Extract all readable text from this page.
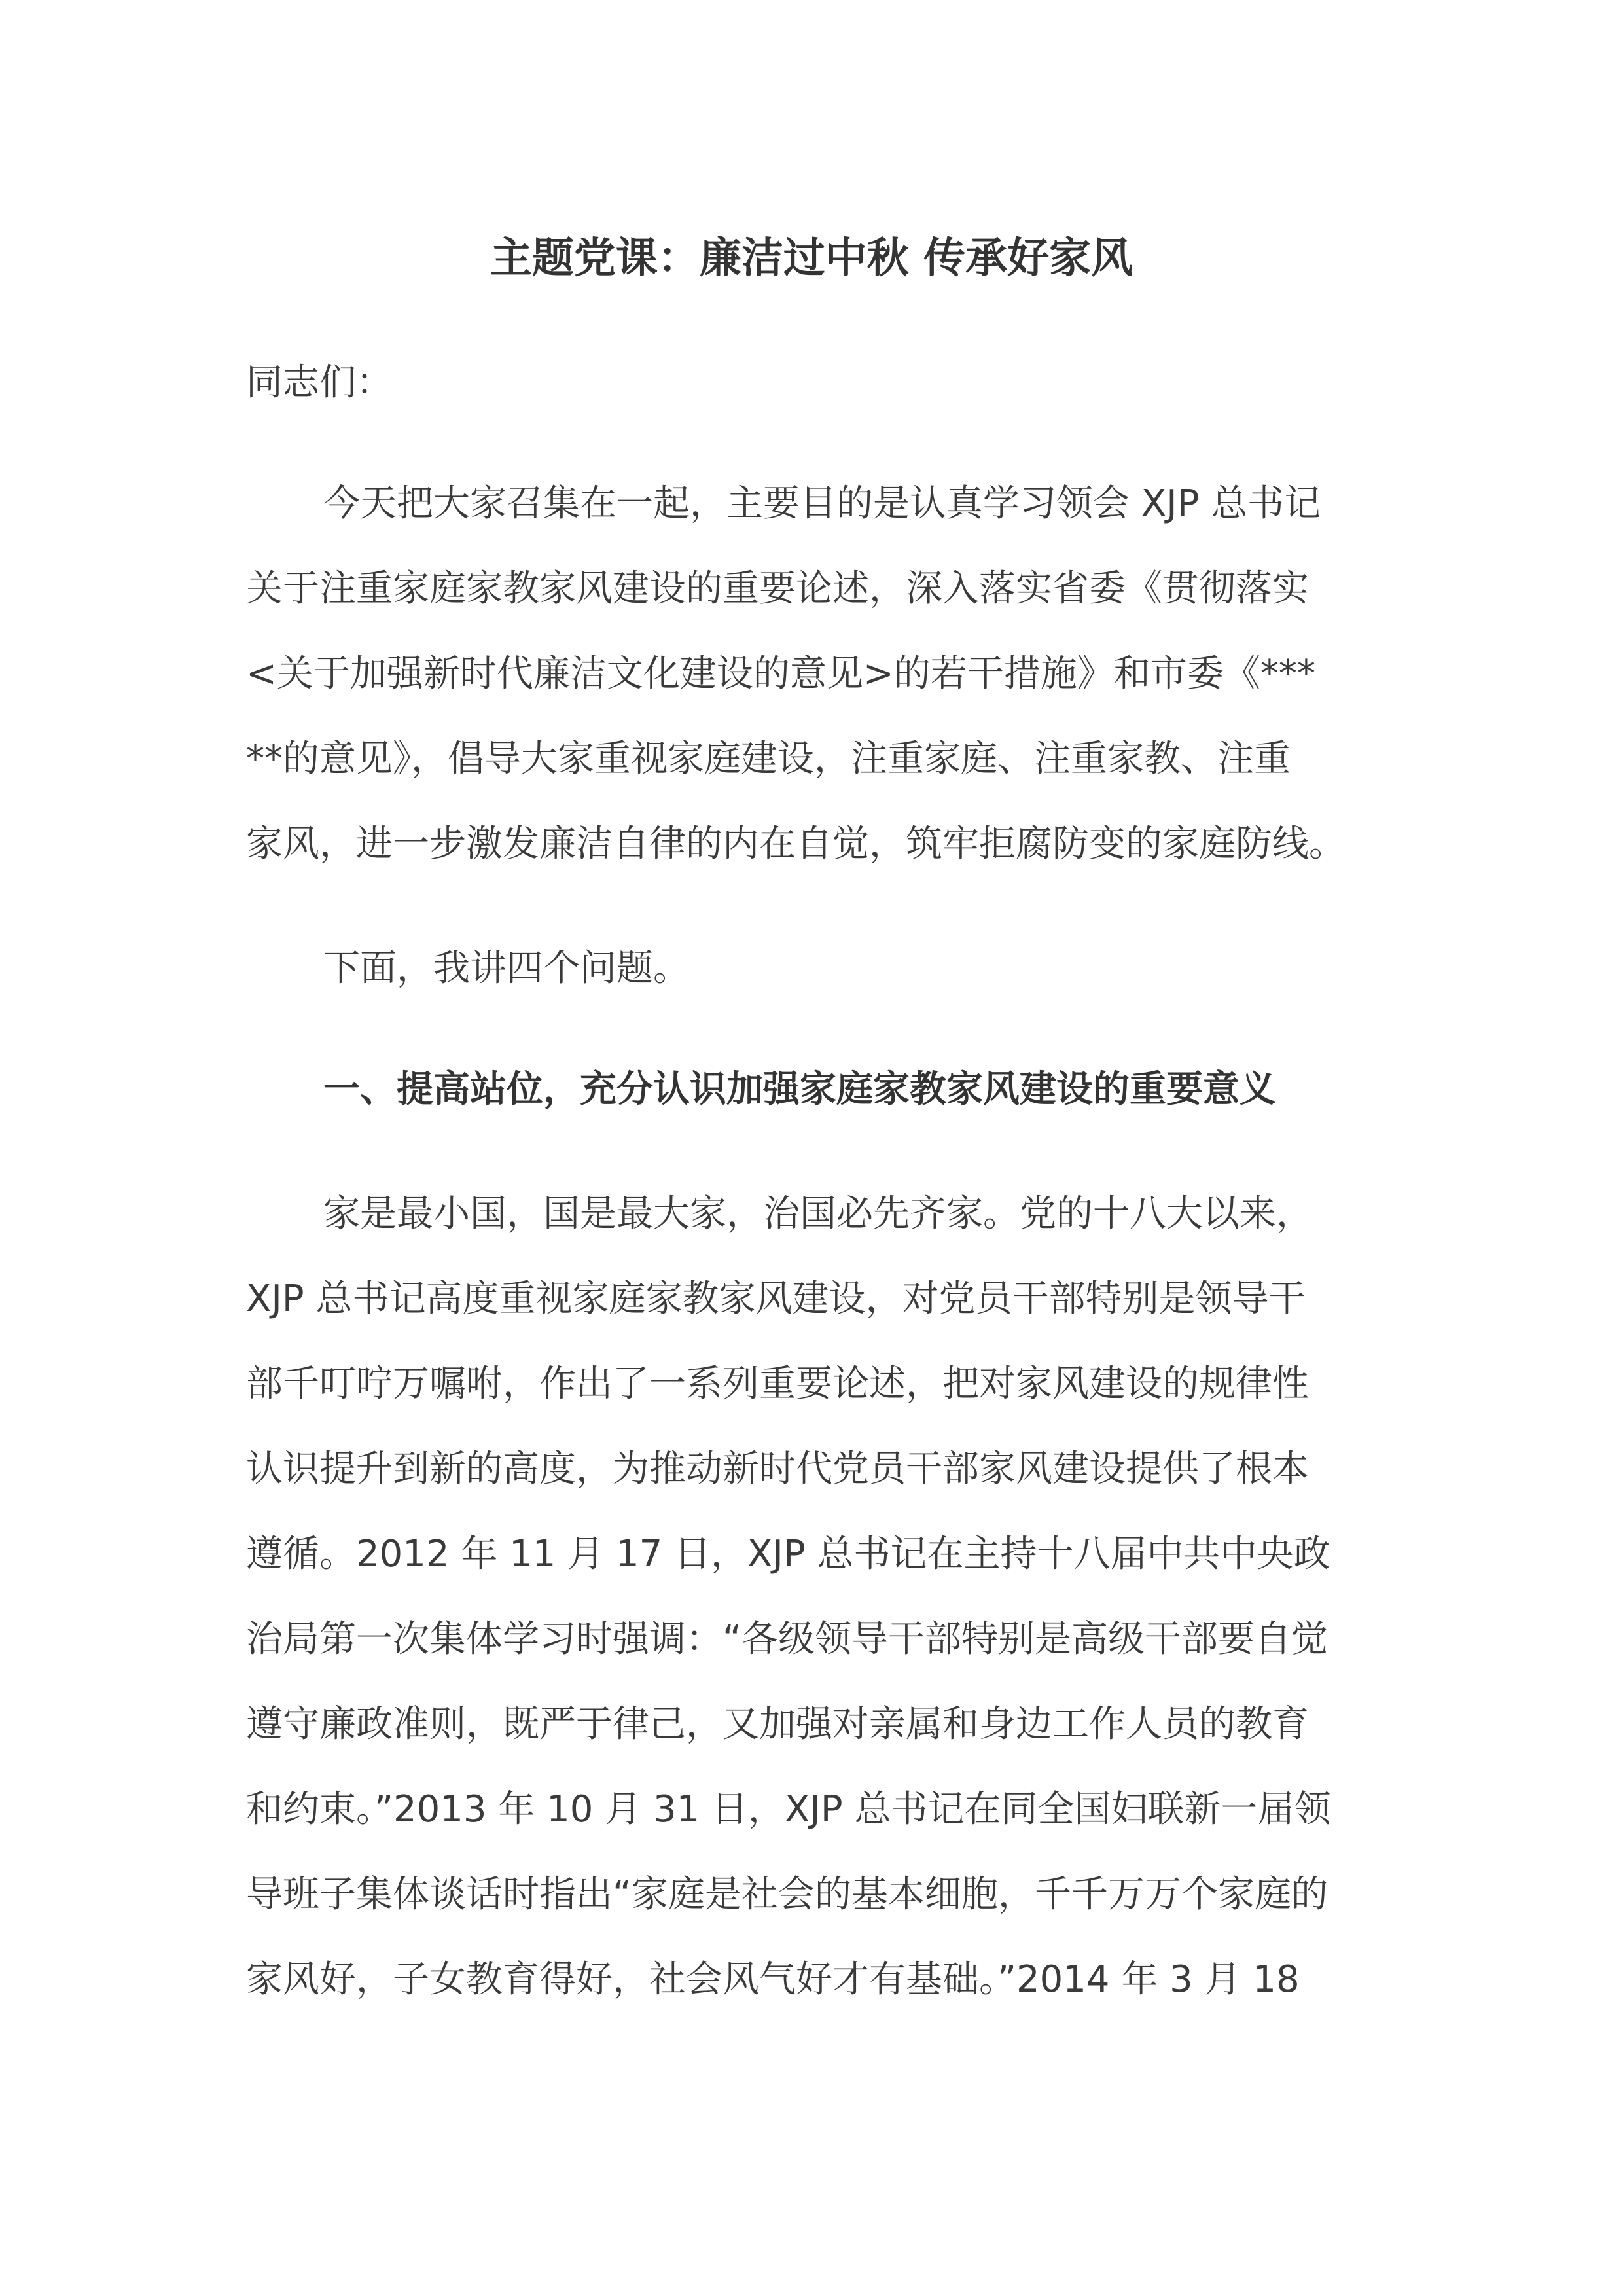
主题党课：廉洁过中秋 传承好家风
同志们：
今天把大家召集在一起，主要目的是认真学习领会 XJP 总书记
关于注重家庭家教家风建设的重要论述，深入落实省委《贯彻落实
<关于加强新时代廉洁文化建设的意见>的若干措施》和市委《***
**的意见》，倡导大家重视家庭建设，注重家庭、注重家教、注重
家风，进一步激发廉洁自律的内在自觉，筑牢拒腐防变的家庭防线。
下面，我讲四个问题。
一、提高站位，充分认识加强家庭家教家风建设的重要意义
家是最小国，国是最大家，治国必先齐家。党的十八大以来，
XJP 总书记高度重视家庭家教家风建设，对党员干部特别是领导干
部千叮咛万嘱咐，作出了一系列重要论述，把对家风建设的规律性
认识提升到新的高度，为推动新时代党员干部家风建设提供了根本
遵循。2012 年 11 月 17 日，XJP 总书记在主持十八届中共中央政
治局第一次集体学习时强调：“各级领导干部特别是高级干部要自觉
遵守廉政准则，既严于律己，又加强对亲属和身边工作人员的教育
和约束。”2013 年 10 月 31 日，XJP 总书记在同全国妇联新一届领
导班子集体谈话时指出“家庭是社会的基本细胞，千千万万个家庭的
家风好，子女教育得好，社会风气好才有基础。”2014 年 3 月 18
